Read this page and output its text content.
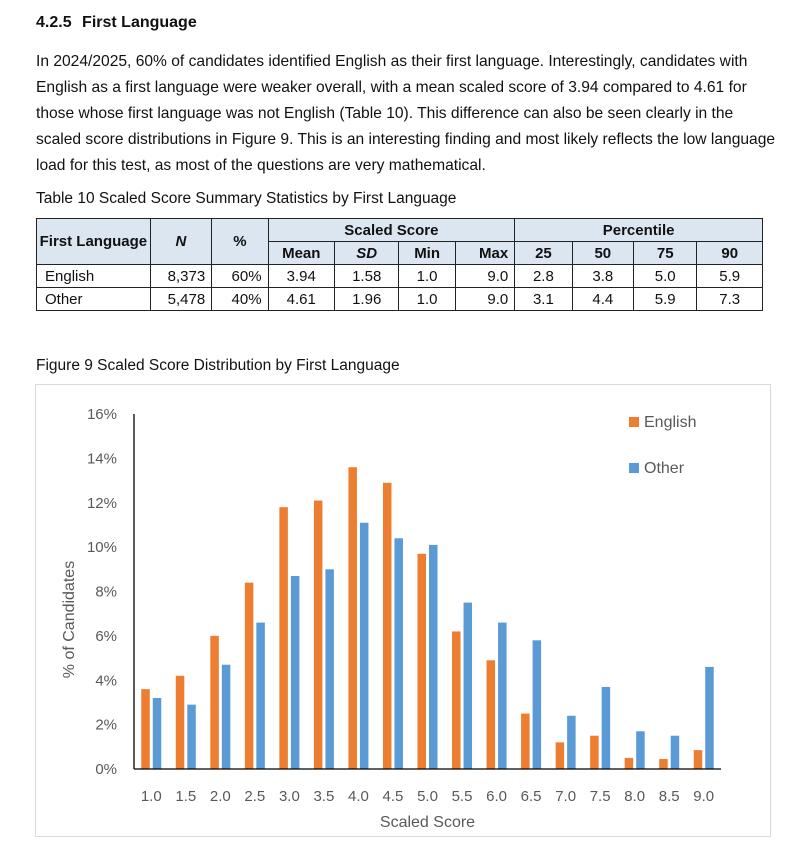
4.2.5 First Language

In 2024/2025, 60% of candidates identified English as their first language. Interestingly, candidates with English as a first language were weaker overall, with a mean scaled score of 3.94 compared to 4.61 for those whose first language was not English (Table 10). This difference can also be seen clearly in the scaled score distributions in Figure 9. This is an interesting finding and most likely reflects the low language load for this test, as most of the questions are very mathematical.

Table 10 Scaled Score Summary Statistics by First Language
First Language	N	%	Scaled Score				Percentile			
			Mean	SD	Min	Max	25	50	75	90
English	8,373	60%	3.94	1.58	1.0	9.0	2.8	3.8	5.0	5.9
Other	5,478	40%	4.61	1.96	1.0	9.0	3.1	4.4	5.9	7.3
Figure 9 Scaled Score Distribution by First Language
0%
2%
4%
6%
8%
10%
12%
14%
16%
1.0 1.5 2.0 2.5 3.0 3.5 4.0 4.5 5.0 5.5 6.0 6.5 7.0 7.5 8.0 8.5 9.0
% of Candidates
Scaled Score
English
Other
